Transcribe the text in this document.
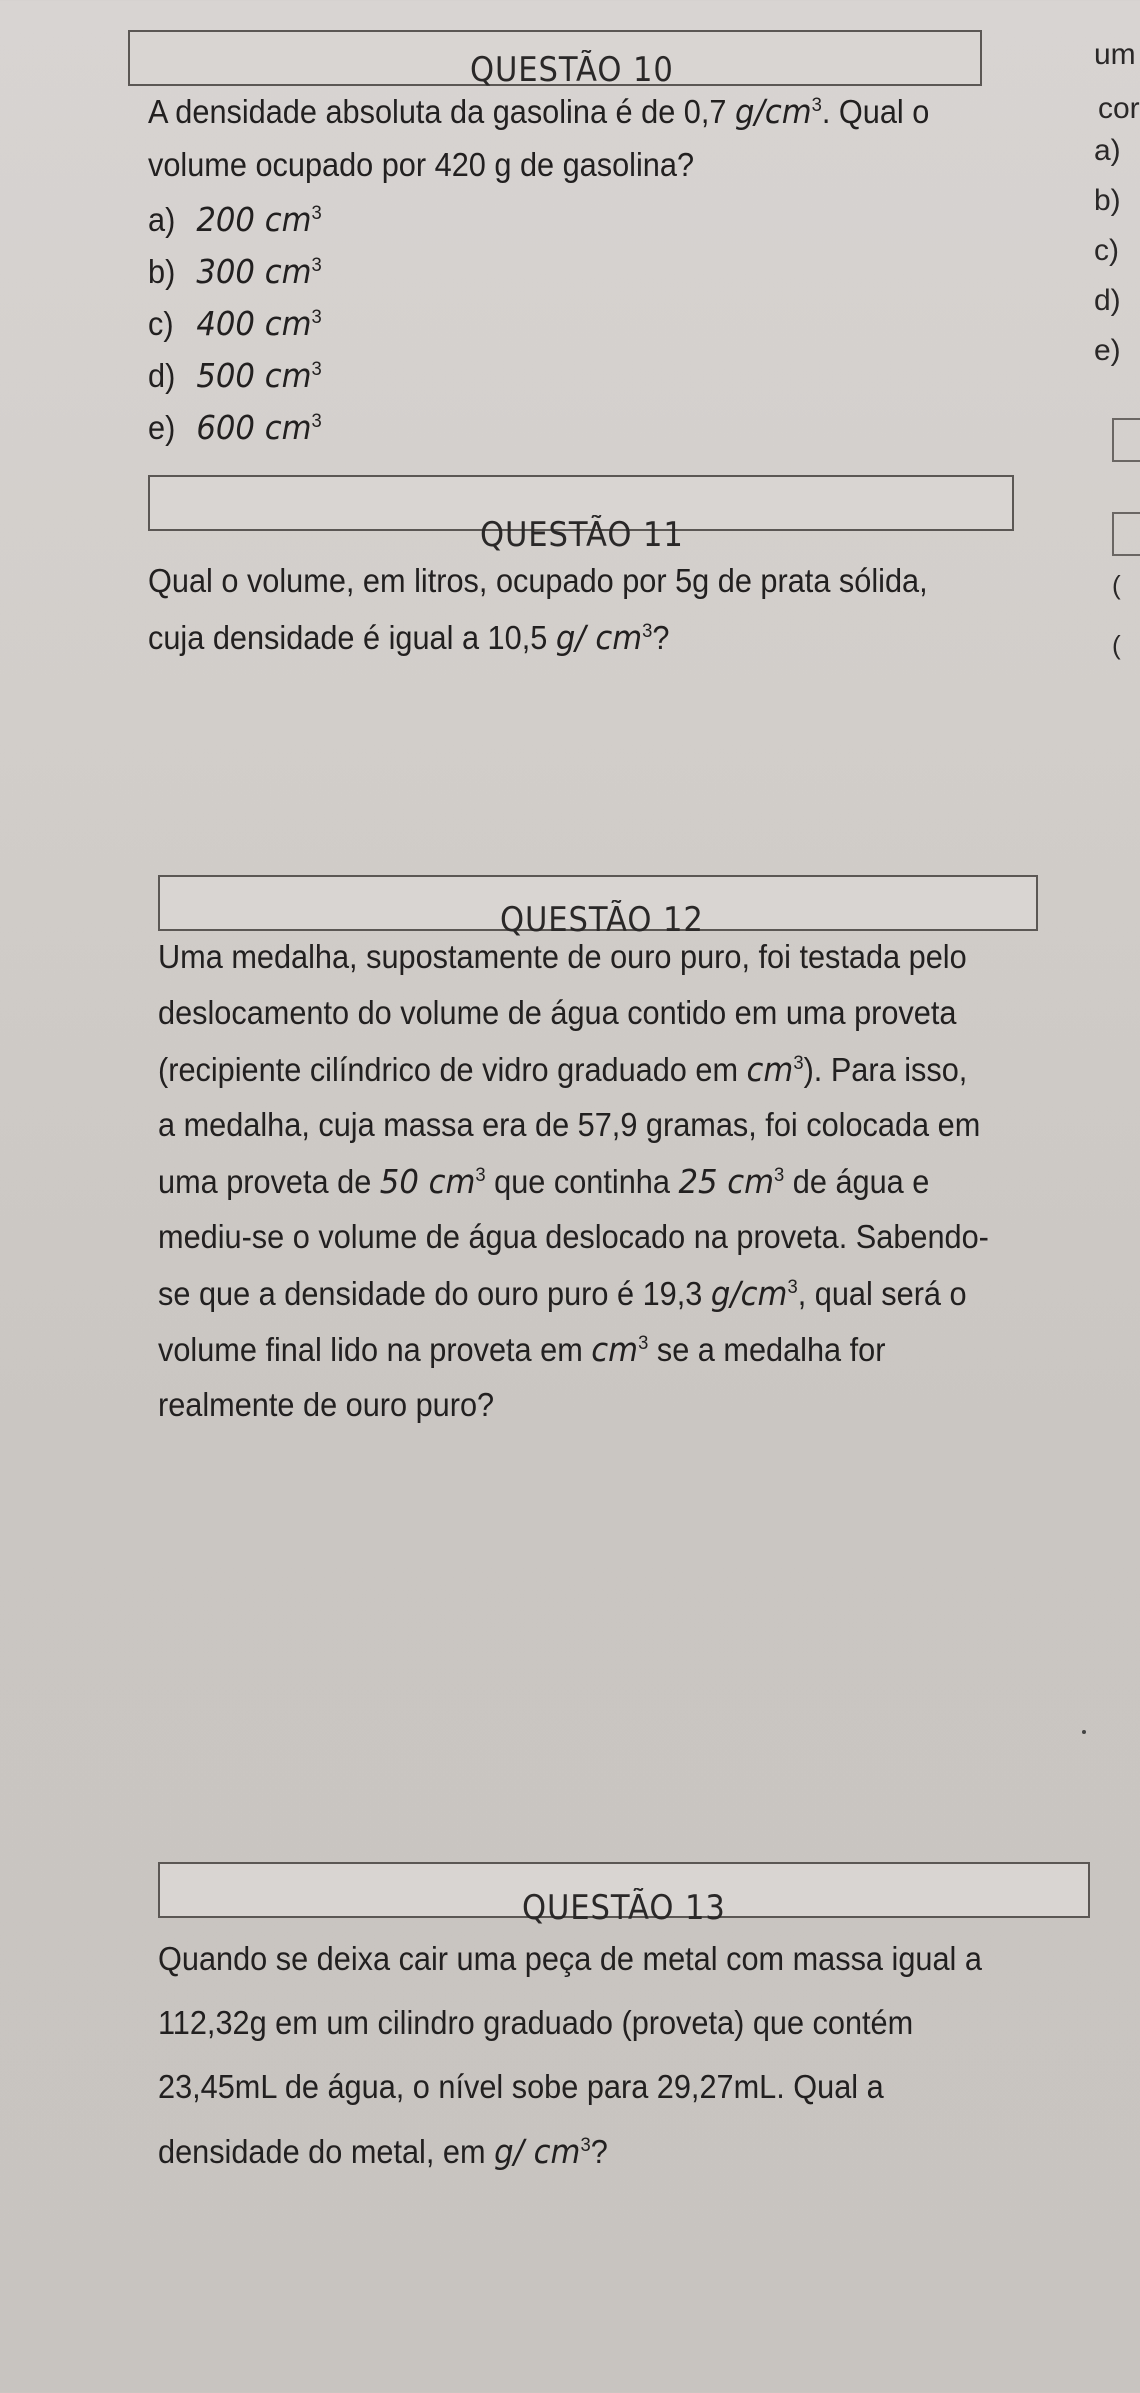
QUESTÃO 10
A densidade absoluta da gasolina é de 0,7 $g/cm^3$. Qual o
volume ocupado por 420 g de gasolina?
a) 200 $cm^3$
b) 300 $cm^3$
c) 400 $cm^3$
d) 500 $cm^3$
e) 600 $cm^3$
QUESTÃO 11
Qual o volume, em litros, ocupado por 5g de prata sólida,
cuja densidade é igual a 10,5 g/ $cm^3$?
QUESTÃO 12
Uma medalha, supostamente de ouro puro, foi testada pelo
deslocamento do volume de água contido em uma proveta
(recipiente cilíndrico de vidro graduado em $cm^3$). Para isso,
a medalha, cuja massa era de 57,9 gramas, foi colocada em
uma proveta de 50 $cm^3$ que continha 25 $cm^3$ de água e
mediu-se o volume de água deslocado na proveta. Sabendo-
se que a densidade do ouro puro é 19,3 $g/cm^3$, qual será o
volume final lido na proveta em $cm^3$ se a medalha for
realmente de ouro puro?
QUESTÃO 13
Quando se deixa cair uma peça de metal com massa igual a
112,32g em um cilindro graduado (proveta) que contém
23,45mL de água, o nível sobe para 29,27mL. Qual a
densidade do metal, em g/ $cm^3$?
um
cor
a)
b)
c)
d)
e)
(
(
